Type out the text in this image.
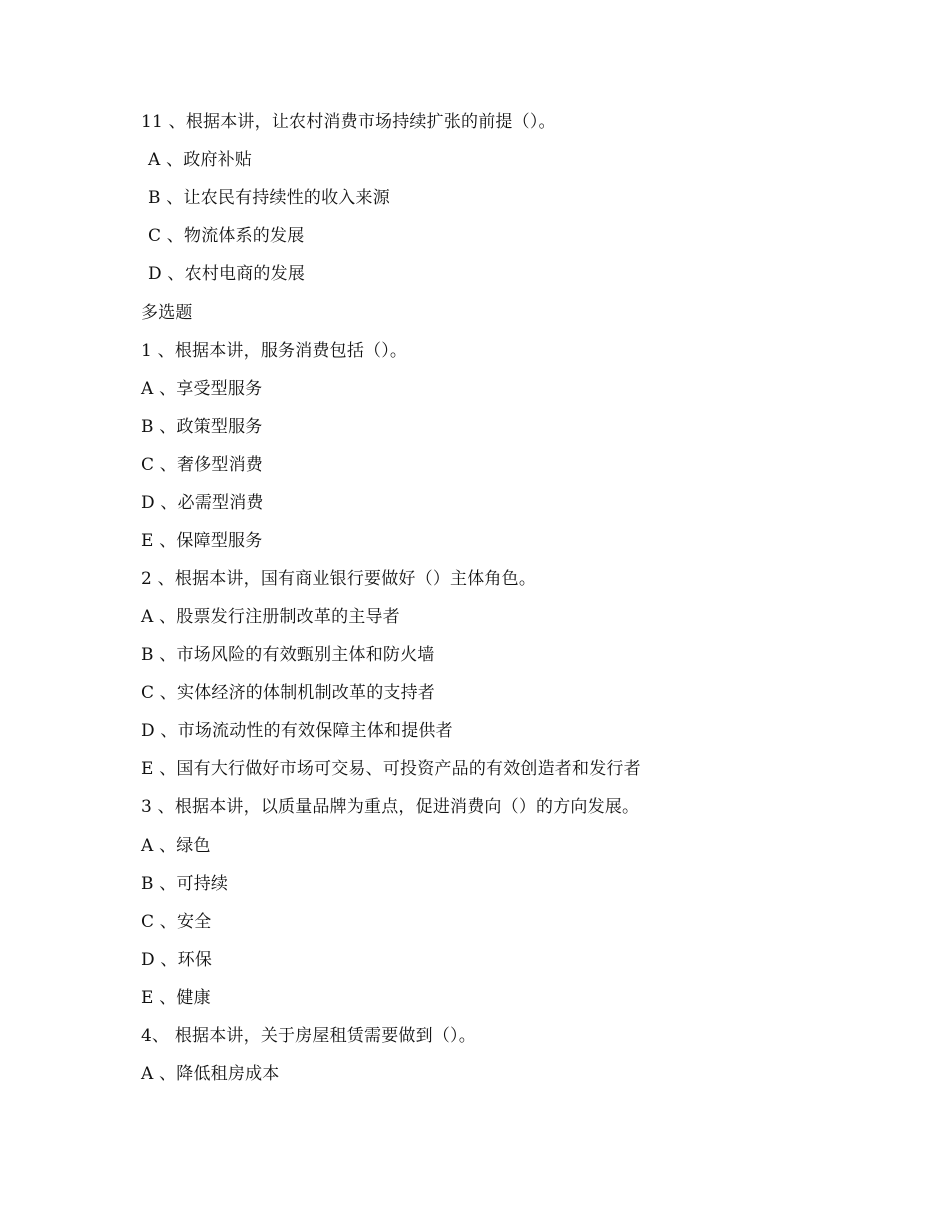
11 、根据本讲，让农村消费市场持续扩张的前提（）。
A 、政府补贴
B 、让农民有持续性的收入来源
C 、物流体系的发展
D 、农村电商的发展
多选题
1 、根据本讲，服务消费包括（）。
A 、享受型服务
B 、政策型服务
C 、奢侈型消费
D 、必需型消费
E 、保障型服务
2 、根据本讲，国有商业银行要做好（）主体角色。
A 、股票发行注册制改革的主导者
B 、市场风险的有效甄别主体和防火墙
C 、实体经济的体制机制改革的支持者
D 、市场流动性的有效保障主体和提供者
E 、国有大行做好市场可交易、可投资产品的有效创造者和发行者
3 、根据本讲，以质量品牌为重点，促进消费向（）的方向发展。
A 、绿色
B 、可持续
C 、安全
D 、环保
E 、健康
4、 根据本讲，关于房屋租赁需要做到（）。
A 、降低租房成本
